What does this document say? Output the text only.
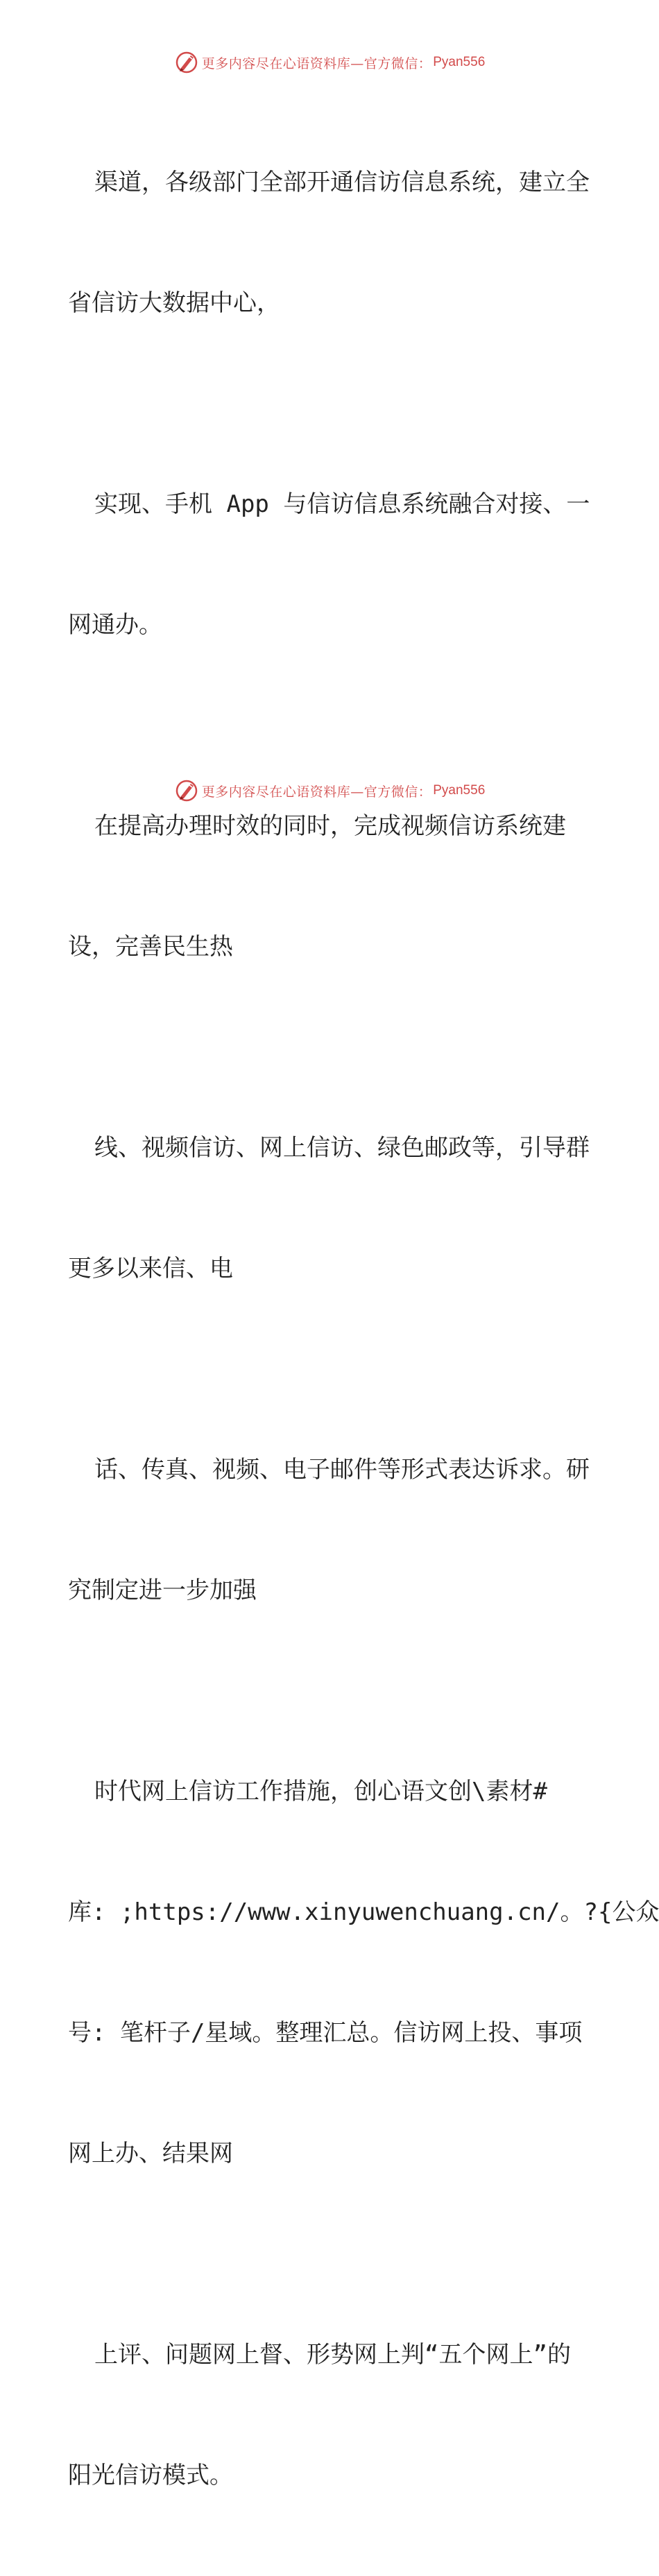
更多内容尽在心语资料库—官方微信： Pyan556

渠道，各级部门全部开通信访信息系统，建立全

省信访大数据中心，

实现、手机 App 与信访信息系统融合对接、一

网通办。

在提高办理时效的同时，完成视频信访系统建

设，完善民生热

线、视频信访、网上信访、绿色邮政等，引导群

更多以来信、电

话、传真、视频、电子邮件等形式表达诉求。研

究制定进一步加强

时代网上信访工作措施，创心语文创\素材#

库: ;https://www.xinyuwenchuang.cn/。?{公众

号: 笔杆子/星域。整理汇总。信访网上投、事项

网上办、结果网

上评、问题网上督、形势网上判“五个网上”的

阳光信访模式。

更多内容尽在心语资料库—官方微信： Pyan556
